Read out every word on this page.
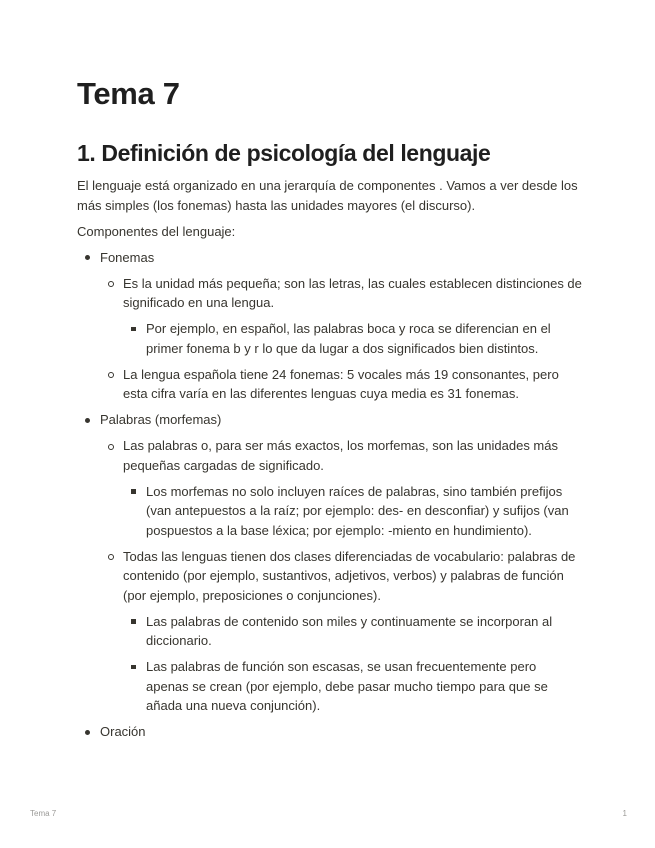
Tema 7
1. Definición de psicología del lenguaje

El lenguaje está organizado en una jerarquía de componentes . Vamos a ver desde los más simples (los fonemas) hasta las unidades mayores (el discurso).

Componentes del lenguaje:

Fonemas
Es la unidad más pequeña; son las letras, las cuales establecen distinciones de significado en una lengua.
Por ejemplo, en español, las palabras boca y roca se diferencian en el primer fonema b y r lo que da lugar a dos significados bien distintos.
La lengua española tiene 24 fonemas: 5 vocales más 19 consonantes, pero esta cifra varía en las diferentes lenguas cuya media es 31 fonemas.
Palabras (morfemas)
Las palabras o, para ser más exactos, los morfemas, son las unidades más pequeñas cargadas de significado.
Los morfemas no solo incluyen raíces de palabras, sino también prefijos (van antepuestos a la raíz; por ejemplo: des- en desconfiar) y sufijos (van pospuestos a la base léxica; por ejemplo: -miento en hundimiento).
Todas las lenguas tienen dos clases diferenciadas de vocabulario: palabras de contenido (por ejemplo, sustantivos, adjetivos, verbos) y palabras de función (por ejemplo, preposiciones o conjunciones).
Las palabras de contenido son miles y continuamente se incorporan al diccionario.
Las palabras de función son escasas, se usan frecuentemente pero apenas se crean (por ejemplo, debe pasar mucho tiempo para que se añada una nueva conjunción).
Oración
Tema 7	1
